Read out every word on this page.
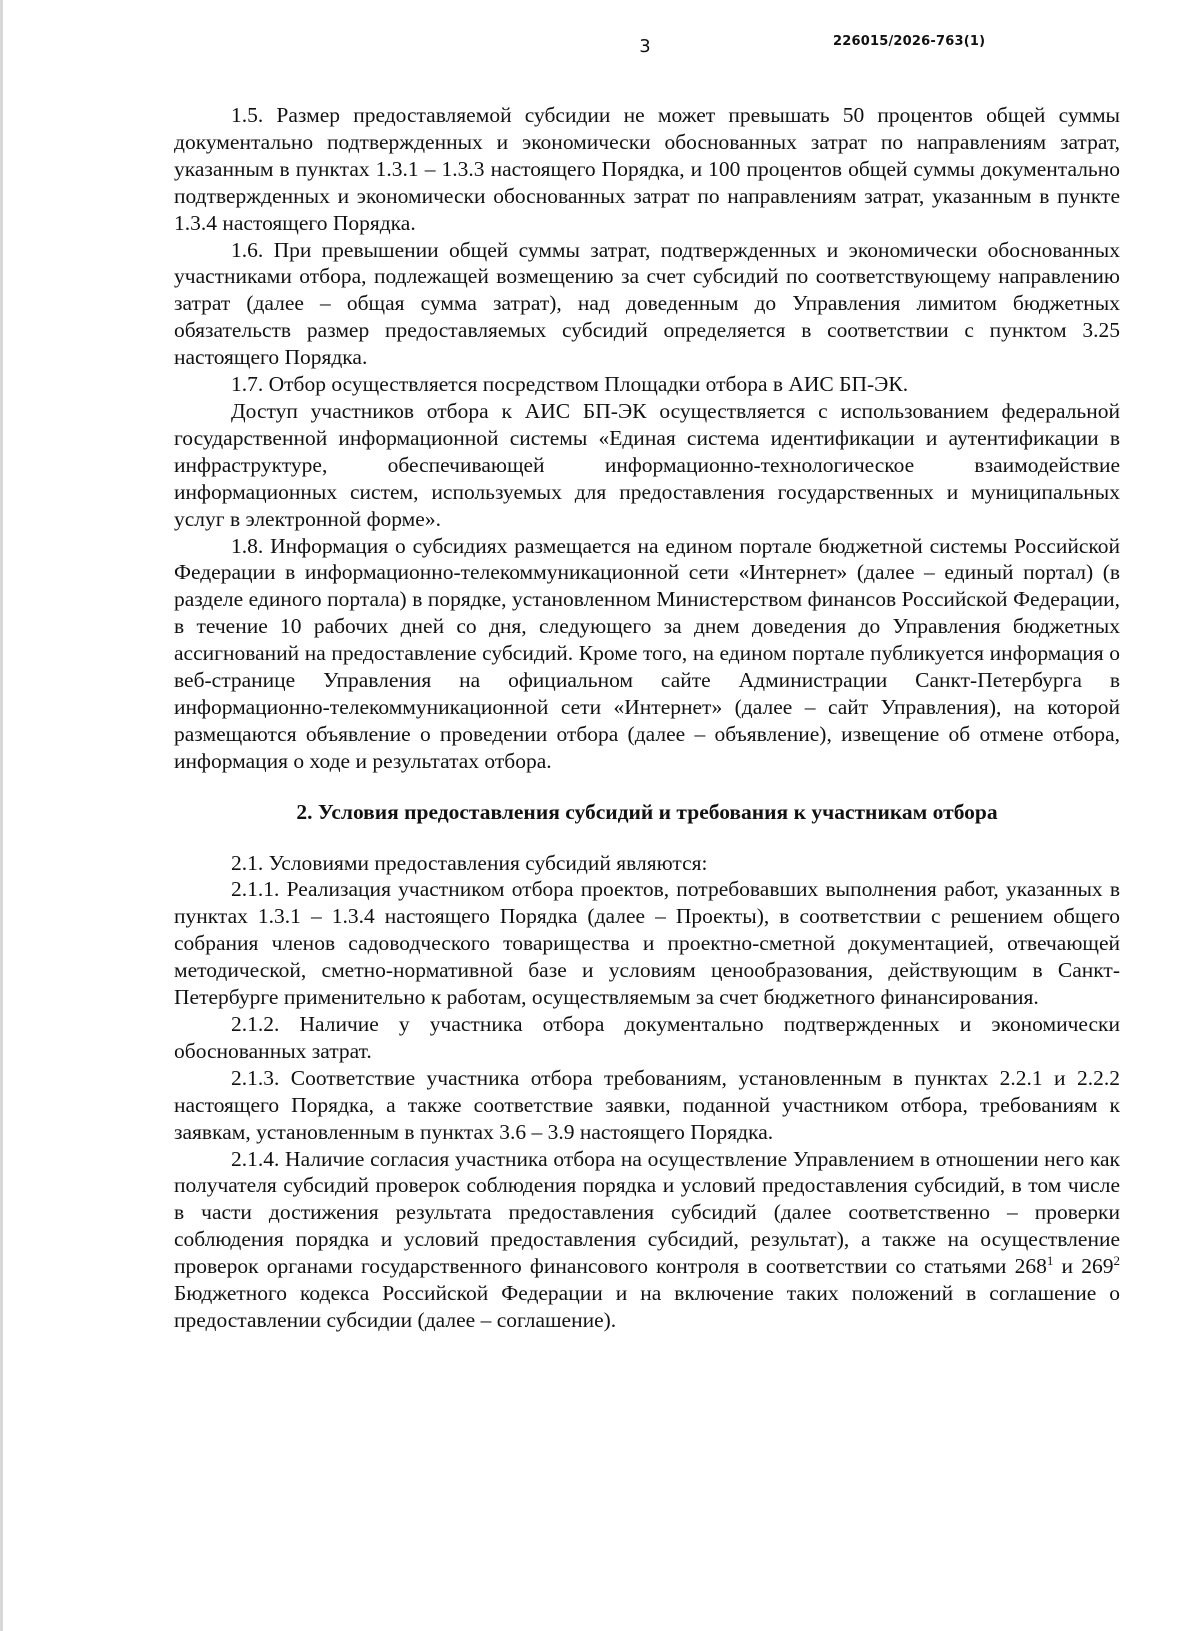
3	226015/2026-763(1)

1.5. Размер предоставляемой субсидии не может превышать 50 процентов общей суммы документально подтвержденных и экономически обоснованных затрат по направлениям затрат, указанным в пунктах 1.3.1 – 1.3.3 настоящего Порядка, и 100 процентов общей суммы документально подтвержденных и экономически обоснованных затрат по направлениям затрат, указанным в пункте 1.3.4 настоящего Порядка.

1.6. При превышении общей суммы затрат, подтвержденных и экономически обоснованных участниками отбора, подлежащей возмещению за счет субсидий по соответствующему направлению затрат (далее – общая сумма затрат), над доведенным до Управления лимитом бюджетных обязательств размер предоставляемых субсидий определяется в соответствии с пунктом 3.25 настоящего Порядка.

1.7. Отбор осуществляется посредством Площадки отбора в АИС БП-ЭК.

Доступ участников отбора к АИС БП-ЭК осуществляется с использованием федеральной государственной информационной системы «Единая система идентификации и аутентификации в инфраструктуре, обеспечивающей информационно-технологическое взаимодействие информационных систем, используемых для предоставления государственных и муниципальных услуг в электронной форме».

1.8. Информация о субсидиях размещается на едином портале бюджетной системы Российской Федерации в информационно-телекоммуникационной сети «Интернет» (далее – единый портал) (в разделе единого портала) в порядке, установленном Министерством финансов Российской Федерации, в течение 10 рабочих дней со дня, следующего за днем доведения до Управления бюджетных ассигнований на предоставление субсидий. Кроме того, на едином портале публикуется информация о веб-странице Управления на официальном сайте Администрации Санкт-Петербурга в информационно-телекоммуникационной сети «Интернет» (далее – сайт Управления), на которой размещаются объявление о проведении отбора (далее – объявление), извещение об отмене отбора, информация о ходе и результатах отбора.

2. Условия предоставления субсидий и требования к участникам отбора

2.1. Условиями предоставления субсидий являются:

2.1.1. Реализация участником отбора проектов, потребовавших выполнения работ, указанных в пунктах 1.3.1 – 1.3.4 настоящего Порядка (далее – Проекты), в соответствии с решением общего собрания членов садоводческого товарищества и проектно-сметной документацией, отвечающей методической, сметно-нормативной базе и условиям ценообразования, действующим в Санкт-Петербурге применительно к работам, осуществляемым за счет бюджетного финансирования.

2.1.2. Наличие у участника отбора документально подтвержденных и экономически обоснованных затрат.

2.1.3. Соответствие участника отбора требованиям, установленным в пунктах 2.2.1 и 2.2.2 настоящего Порядка, а также соответствие заявки, поданной участником отбора, требованиям к заявкам, установленным в пунктах 3.6 – 3.9 настоящего Порядка.

2.1.4. Наличие согласия участника отбора на осуществление Управлением в отношении него как получателя субсидий проверок соблюдения порядка и условий предоставления субсидий, в том числе в части достижения результата предоставления субсидий (далее соответственно – проверки соблюдения порядка и условий предоставления субсидий, результат), а также на осуществление проверок органами государственного финансового контроля в соответствии со статьями $268^1$ и $269^2$ Бюджетного кодекса Российской Федерации и на включение таких положений в соглашение о предоставлении субсидии (далее – соглашение).
